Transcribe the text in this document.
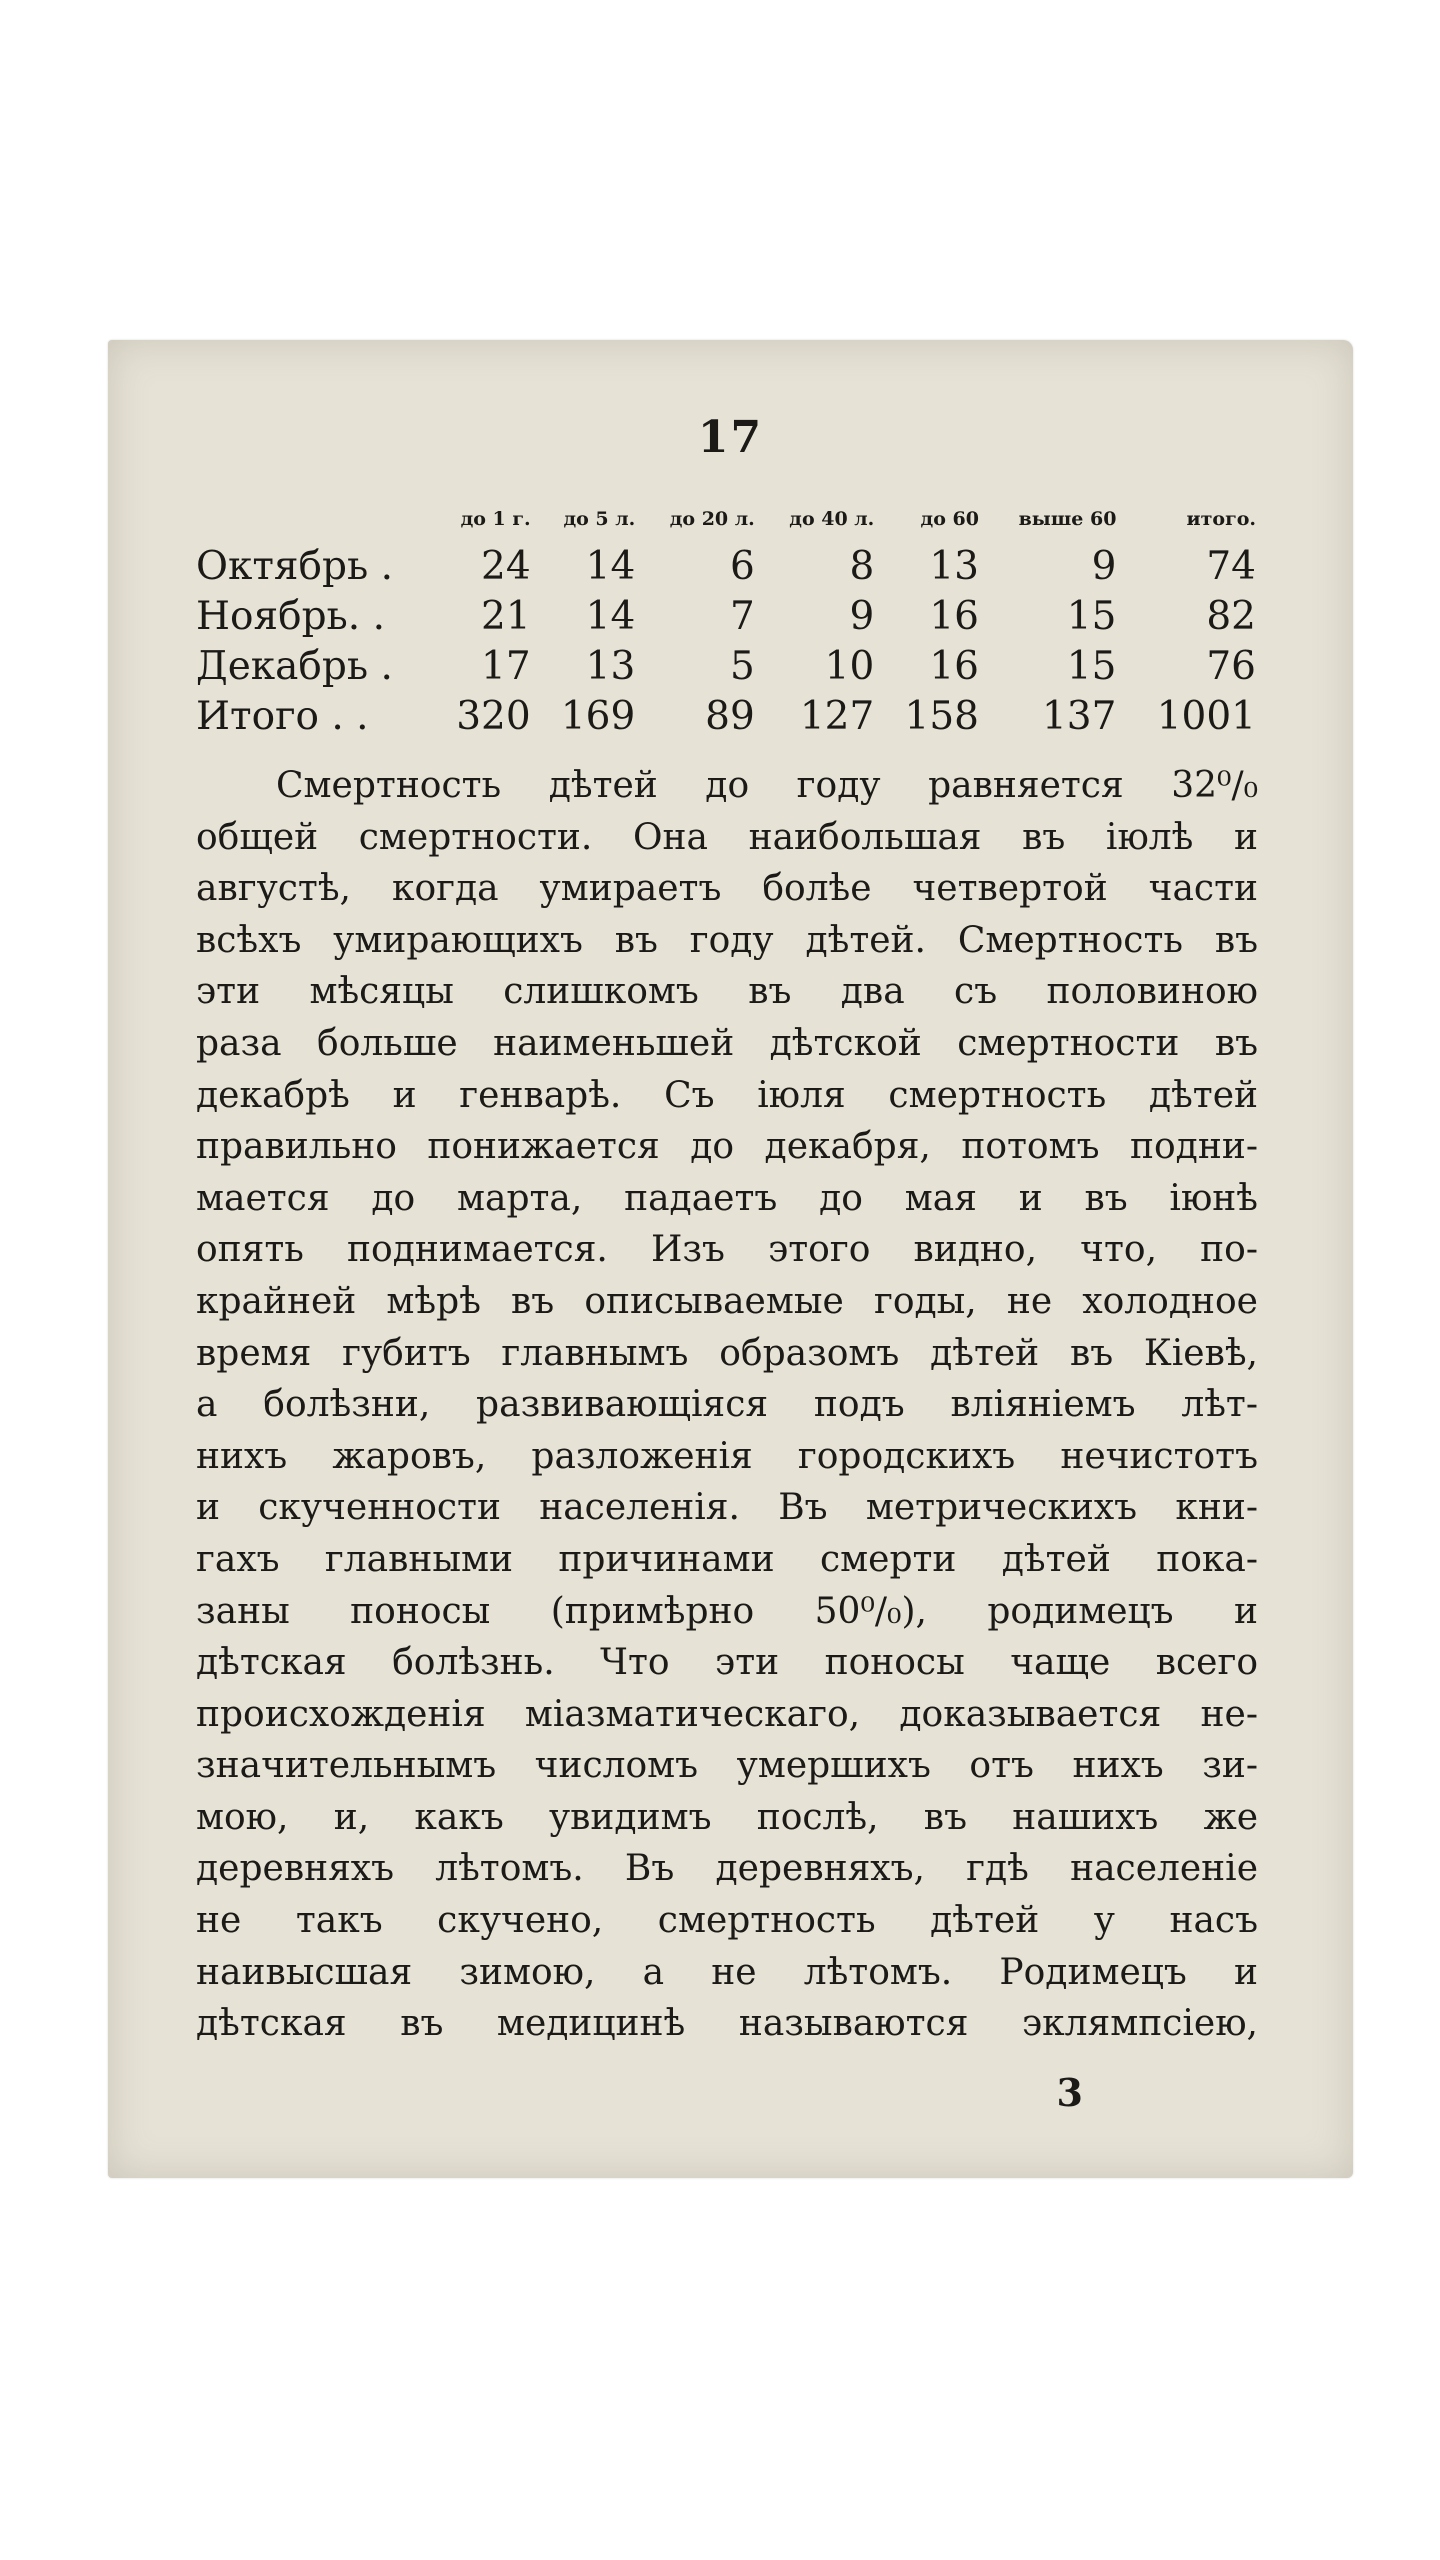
17
	до 1 г.	до 5 л.	до 20 л.	до 40 л.	до 60	выше 60	итого.
Октябрь .	24	14	6	8	13	9	74
Ноябрь. .	21	14	7	9	16	15	82
Декабрь .	17	13	5	10	16	15	76
Итого . .	320	169	89	127	158	137	1001
Смертность дѣтей до году равняется 32⁰/₀
общей смертности. Она наибольшая въ iюлѣ и
августѣ, когда умираетъ болѣе четвертой части
всѣхъ умирающихъ въ году дѣтей. Смертность въ
эти мѣсяцы слишкомъ въ два съ половиною
раза больше наименьшей дѣтской смертности въ
декабрѣ и генварѣ. Съ iюля смертность дѣтей
правильно понижается до декабря, потомъ подни-
мается до марта, падаетъ до мая и въ iюнѣ
опять поднимается. Изъ этого видно, что, по-
крайней мѣрѣ въ описываемые годы, не холодное
время губитъ главнымъ образомъ дѣтей въ Кiевѣ,
а болѣзни, развивающiяся подъ влiянiемъ лѣт-
нихъ жаровъ, разложенiя городскихъ нечистотъ
и скученности населенiя. Въ метрическихъ кни-
гахъ главными причинами смерти дѣтей пока-
заны поносы (примѣрно 50⁰/₀), родимецъ и
дѣтская болѣзнь. Что эти поносы чаще всего
происхожденiя мiазматическаго, доказывается не-
значительнымъ числомъ умершихъ отъ нихъ зи-
мою, и, какъ увидимъ послѣ, въ нашихъ же
деревняхъ лѣтомъ. Въ деревняхъ, гдѣ населенiе
не такъ скучено, смертность дѣтей у насъ
наивысшая зимою, а не лѣтомъ. Родимецъ и
дѣтская въ медицинѣ называются эклямпсiею,
3
